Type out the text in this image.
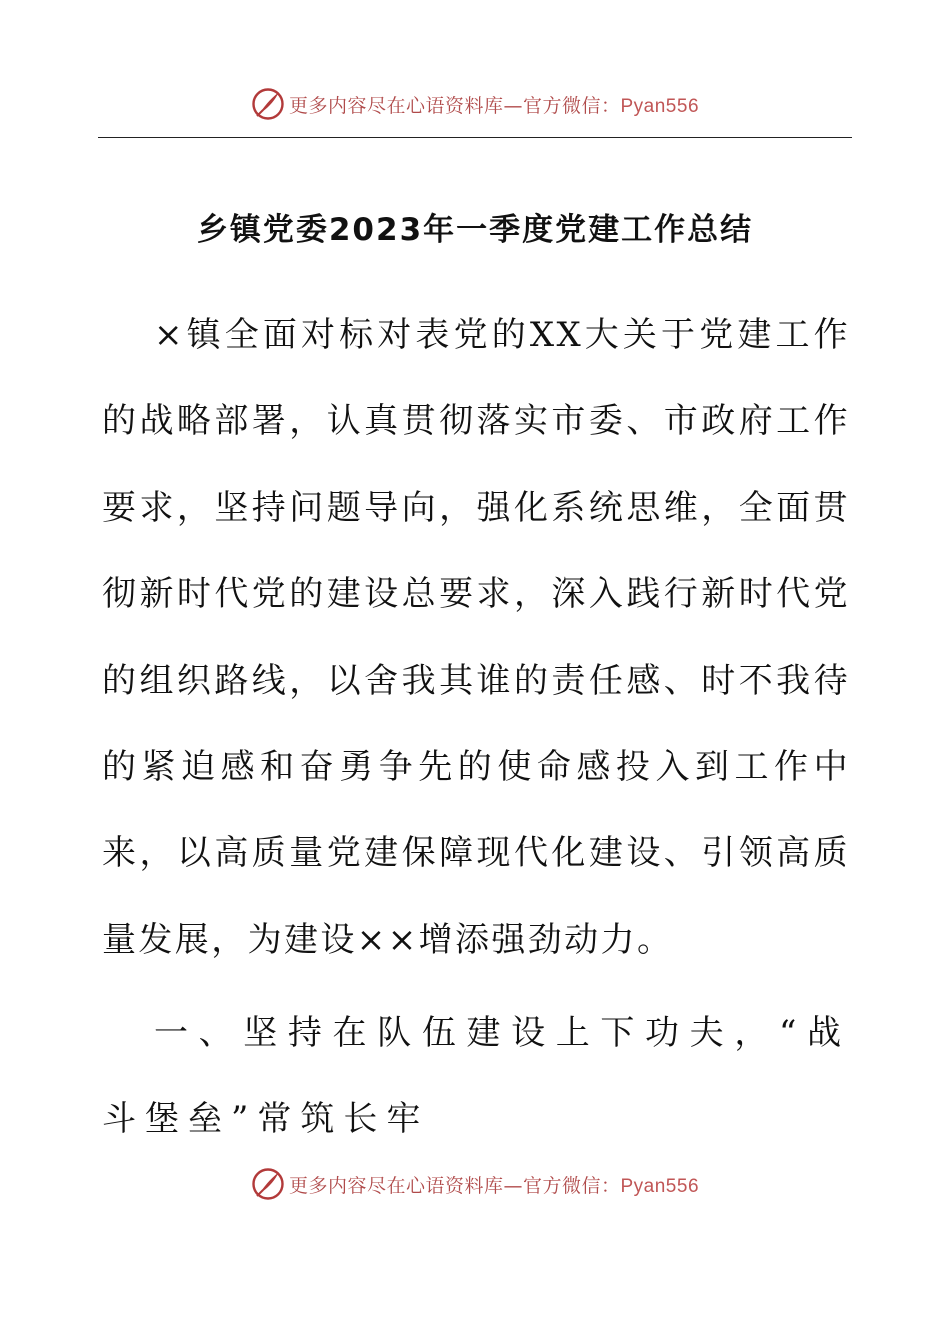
更多内容尽在心语资料库—官方微信：Pyan556
乡镇党委2023年一季度党建工作总结

×镇全面对标对表党的XX大关于党建工作的战略部署，认真贯彻落实市委、市政府工作要求，坚持问题导向，强化系统思维，全面贯彻新时代党的建设总要求，深入践行新时代党的组织路线，以舍我其谁的责任感、时不我待的紧迫感和奋勇争先的使命感投入到工作中来，以高质量党建保障现代化建设、引领高质量发展，为建设××增添强劲动力。

一、坚持在队伍建设上下功夫，“战斗堡垒”常筑长牢

更多内容尽在心语资料库—官方微信：Pyan556
